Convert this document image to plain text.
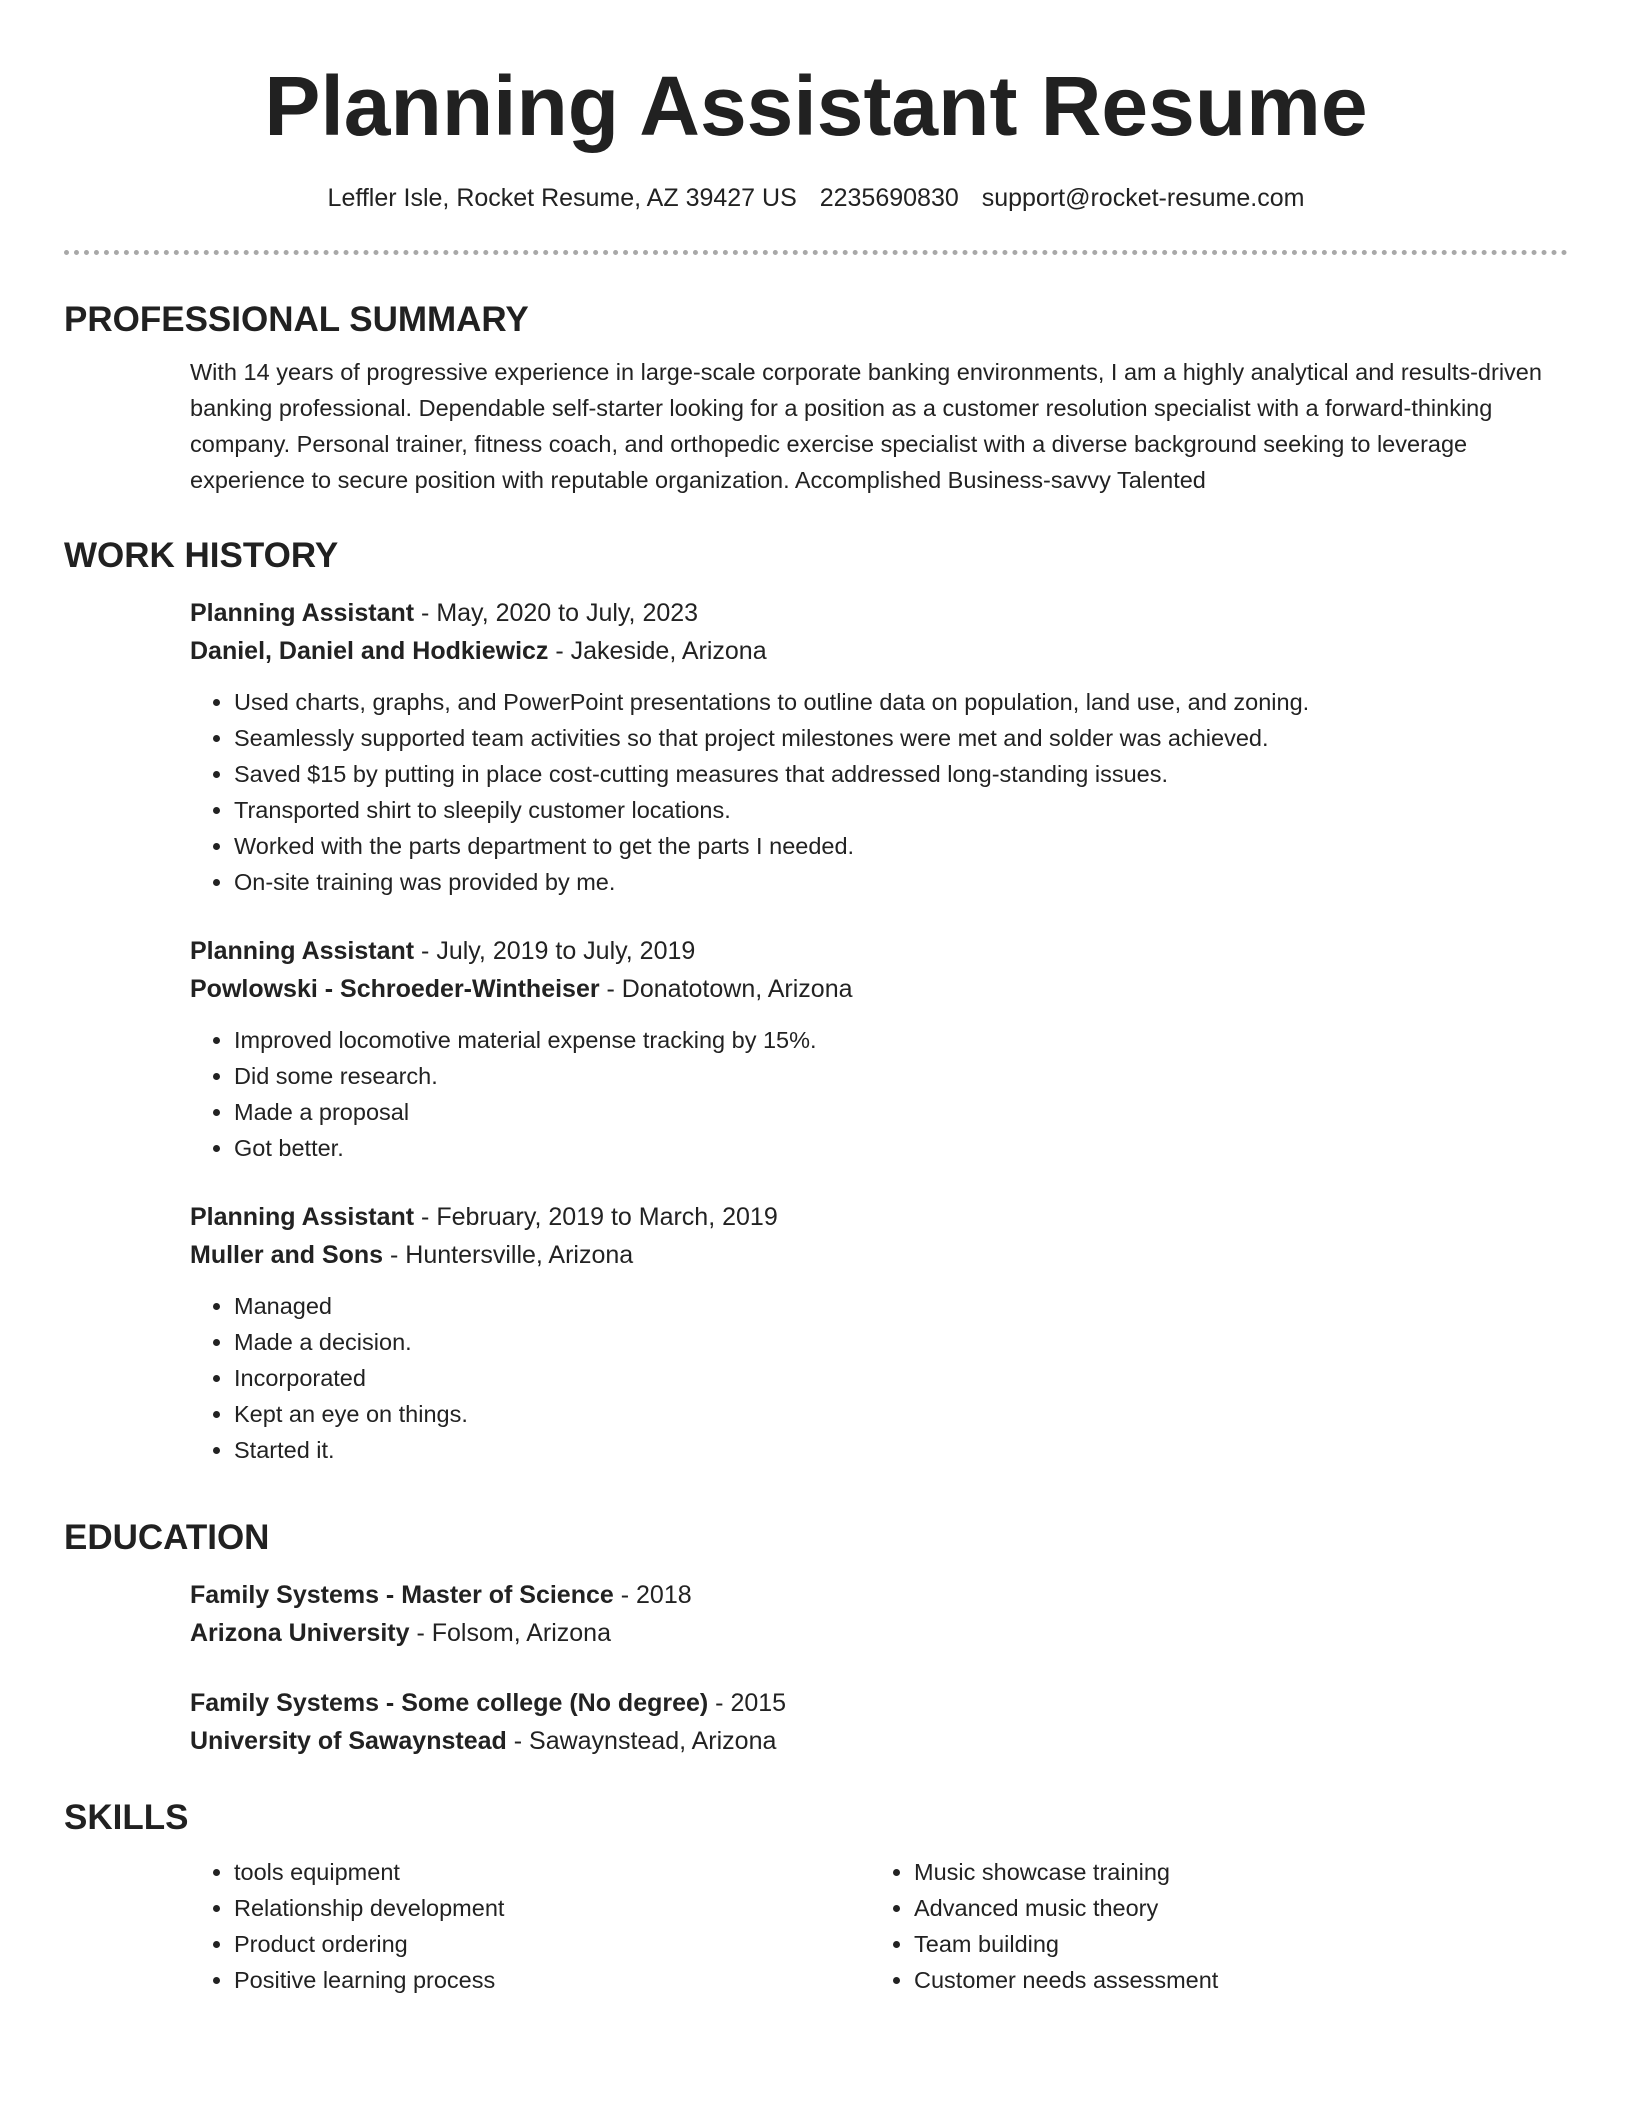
Planning Assistant Resume
Leffler Isle, Rocket Resume, AZ 39427 US 2235690830 support@rocket-resume.com
PROFESSIONAL SUMMARY
With 14 years of progressive experience in large-scale corporate banking environments, I am a highly analytical and results-driven banking professional. Dependable self-starter looking for a position as a customer resolution specialist with a forward-thinking company. Personal trainer, fitness coach, and orthopedic exercise specialist with a diverse background seeking to leverage experience to secure position with reputable organization. Accomplished Business-savvy Talented
WORK HISTORY
Planning Assistant - May, 2020 to July, 2023
Daniel, Daniel and Hodkiewicz - Jakeside, Arizona
• Used charts, graphs, and PowerPoint presentations to outline data on population, land use, and zoning.
• Seamlessly supported team activities so that project milestones were met and solder was achieved.
• Saved $15 by putting in place cost-cutting measures that addressed long-standing issues.
• Transported shirt to sleepily customer locations.
• Worked with the parts department to get the parts I needed.
• On-site training was provided by me.
Planning Assistant - July, 2019 to July, 2019
Powlowski - Schroeder-Wintheiser - Donatotown, Arizona
• Improved locomotive material expense tracking by 15%.
• Did some research.
• Made a proposal
• Got better.
Planning Assistant - February, 2019 to March, 2019
Muller and Sons - Huntersville, Arizona
• Managed
• Made a decision.
• Incorporated
• Kept an eye on things.
• Started it.
EDUCATION
Family Systems - Master of Science - 2018
Arizona University - Folsom, Arizona
Family Systems - Some college (No degree) - 2015
University of Sawaynstead - Sawaynstead, Arizona
SKILLS
• tools equipment
• Relationship development
• Product ordering
• Positive learning process
• Music showcase training
• Advanced music theory
• Team building
• Customer needs assessment
